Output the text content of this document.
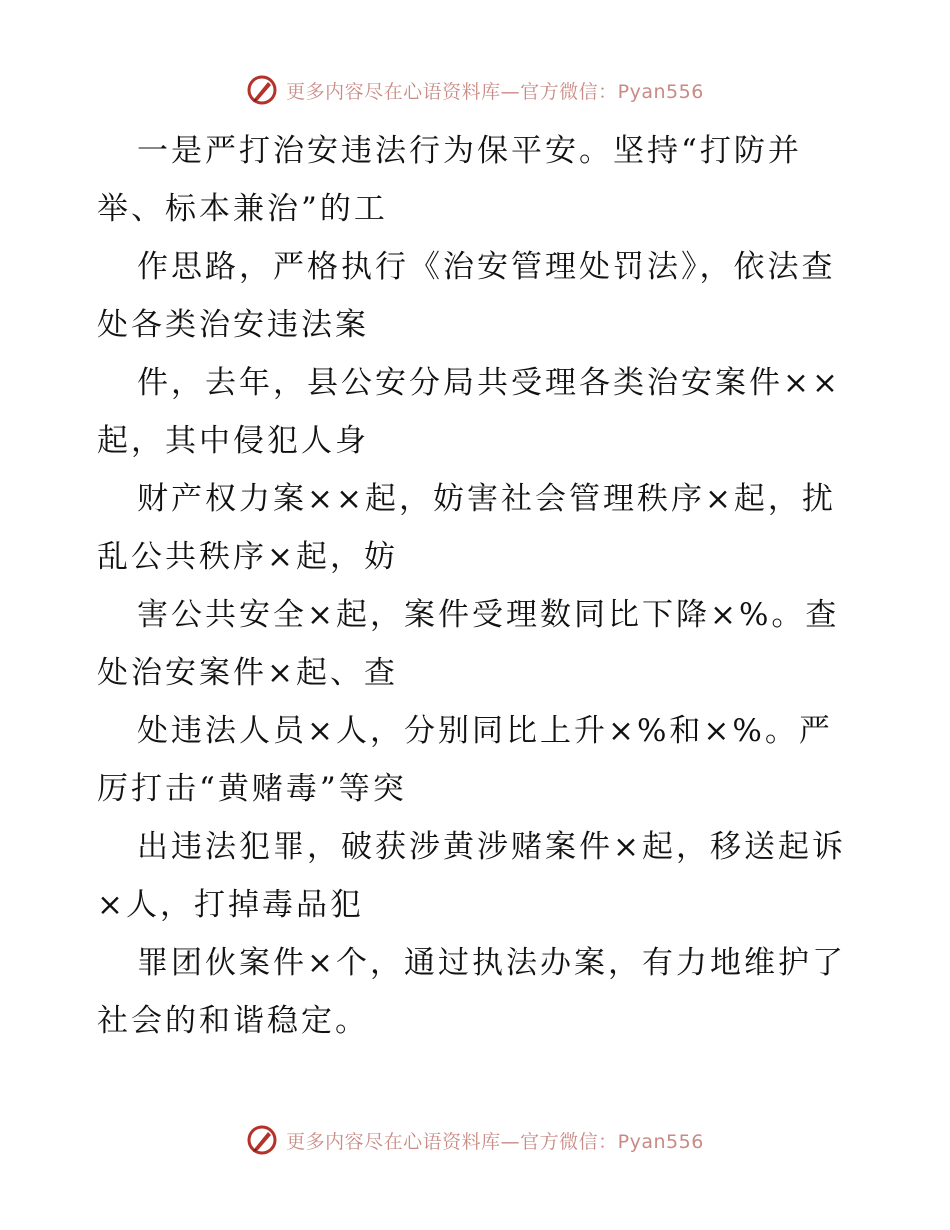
更多内容尽在心语资料库—官方微信：Pyan556

一是严打治安违法行为保平安。坚持“打防并

举、标本兼治”的工

作思路，严格执行《治安管理处罚法》，依法查

处各类治安违法案

件，去年，县公安分局共受理各类治安案件××

起，其中侵犯人身

财产权力案××起，妨害社会管理秩序×起，扰

乱公共秩序×起，妨

害公共安全×起，案件受理数同比下降×%。查

处治安案件×起、查

处违法人员×人，分别同比上升×%和×%。严

厉打击“黄赌毒”等突

出违法犯罪，破获涉黄涉赌案件×起，移送起诉

×人，打掉毒品犯

罪团伙案件×个，通过执法办案，有力地维护了

社会的和谐稳定。

更多内容尽在心语资料库—官方微信：Pyan556
